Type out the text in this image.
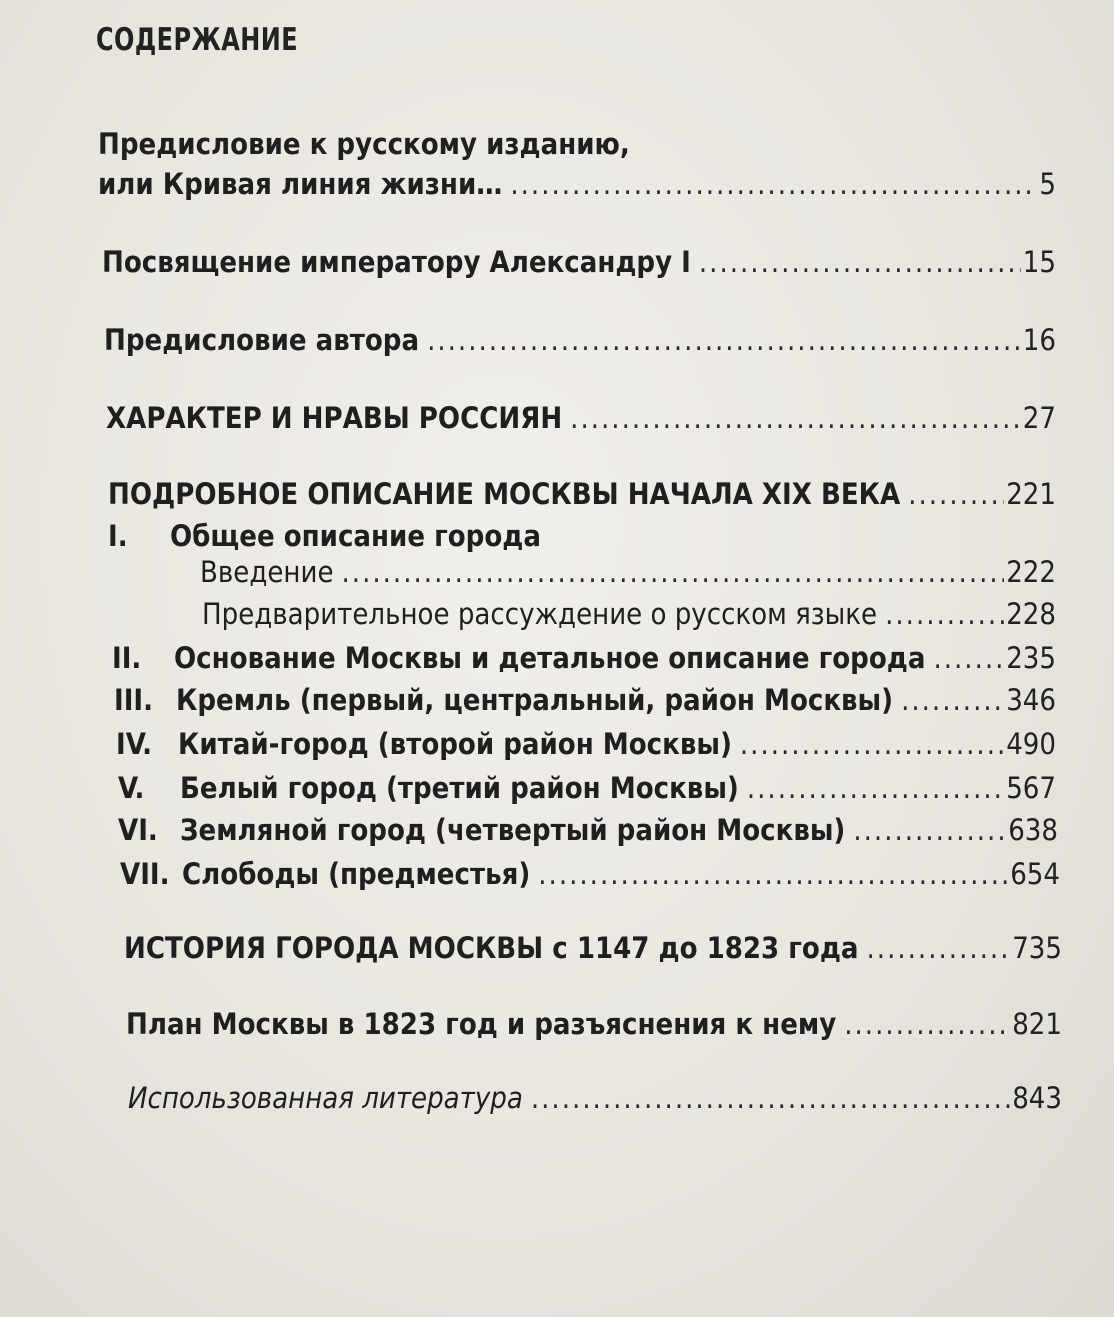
СОДЕРЖАНИЕ
Предисловие к русскому изданию,
или Кривая линия жизни… .....	5
Посвящение императору Александру I .....	15
Предисловие автора .....	16
ХАРАКТЕР И НРАВЫ РОССИЯН .....	27
ПОДРОБНОЕ ОПИСАНИЕ МОСКВЫ НАЧАЛА XIX ВЕКА .....	221
I.	Общее описание города
Введение .....	222
Предварительное рассуждение о русском языке .....	228
II.	Основание Москвы и детальное описание города .....	235
III. Кремль (первый, центральный, район Москвы) .....	346
IV. Китай-город (второй район Москвы) .....	490
V.	Белый город (третий район Москвы) .....	567
VI. Земляной город (четвертый район Москвы) .....	638
VII. Слободы (предместья) .....	654
ИСТОРИЯ ГОРОДА МОСКВЫ с 1147 до 1823 года .....	735
План Москвы в 1823 год и разъяснения к нему .....	821
Использованная литература .....	843
